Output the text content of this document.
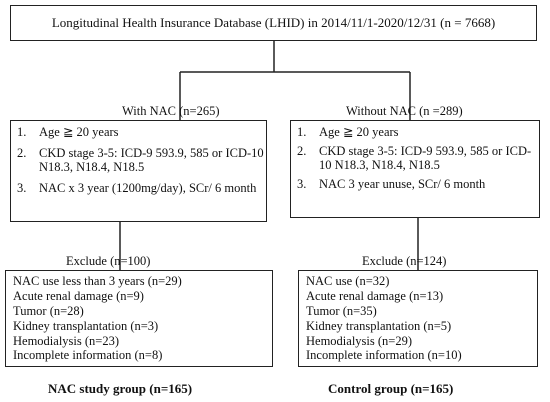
Longitudinal Health Insurance Database (LHID) in 2014/11/1-2020/12/31 (n = 7668)
With NAC (n=265)	Without NAC (n =289)
1.	Age ≧ 20 years
2.	CKD stage 3-5: ICD-9 593.9, 585 or ICD-10 N18.3, N18.4, N18.5
3.	NAC x 3 year (1200mg/day), SCr/ 6 month
1.	Age ≧ 20 years
2.	CKD stage 3-5: ICD-9 593.9, 585 or ICD-10 N18.3, N18.4, N18.5
3.	NAC 3 year unuse, SCr/ 6 month
Exclude (n=100)	Exclude (n=124)
NAC use less than 3 years (n=29)
Acute renal damage (n=9)
Tumor (n=28)
Kidney transplantation (n=3)
Hemodialysis (n=23)
Incomplete information (n=8)
NAC use (n=32)
Acute renal damage (n=13)
Tumor (n=35)
Kidney transplantation (n=5)
Hemodialysis (n=29)
Incomplete information (n=10)
NAC study group (n=165)	Control group (n=165)
